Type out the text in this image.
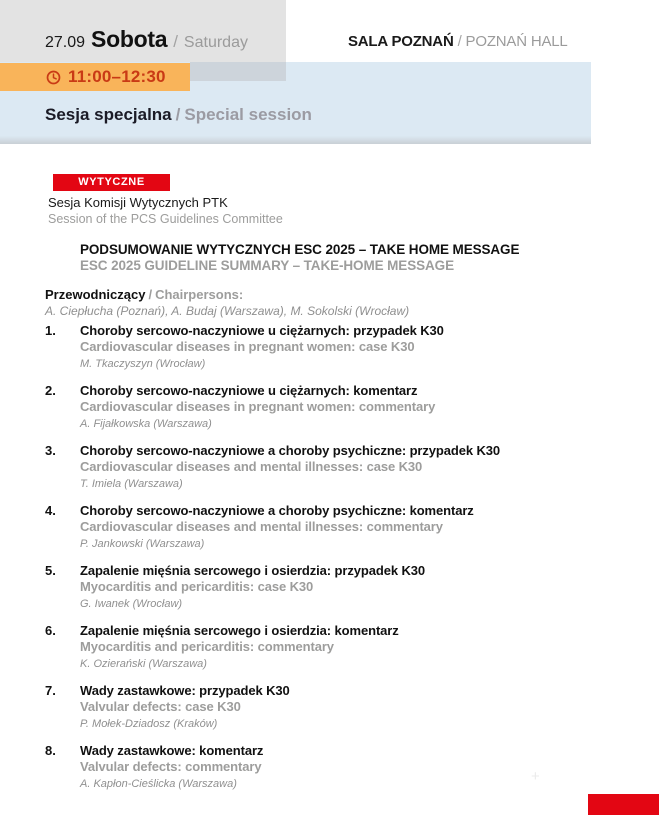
27.09 Sobota / Saturday	SALA POZNAŃ / POZNAŃ HALL
11:00–12:30
Sesja specjalna / Special session
WYTYCZNE
Sesja Komisji Wytycznych PTK
Session of the PCS Guidelines Committee
PODSUMOWANIE WYTYCZNYCH ESC 2025 – TAKE HOME MESSAGE
ESC 2025 GUIDELINE SUMMARY – TAKE-HOME MESSAGE
Przewodniczący / Chairpersons:
A. Ciepłucha (Poznań), A. Budaj (Warszawa), M. Sokolski (Wrocław)
1.	Choroby sercowo-naczyniowe u ciężarnych: przypadek K30
Cardiovascular diseases in pregnant women: case K30
M. Tkaczyszyn (Wrocław)
2.	Choroby sercowo-naczyniowe u ciężarnych: komentarz
Cardiovascular diseases in pregnant women: commentary
A. Fijałkowska (Warszawa)
3.	Choroby sercowo-naczyniowe a choroby psychiczne: przypadek K30
Cardiovascular diseases and mental illnesses: case K30
T. Imiela (Warszawa)
4.	Choroby sercowo-naczyniowe a choroby psychiczne: komentarz
Cardiovascular diseases and mental illnesses: commentary
P. Jankowski (Warszawa)
5.	Zapalenie mięśnia sercowego i osierdzia: przypadek K30
Myocarditis and pericarditis: case K30
G. Iwanek (Wrocław)
6.	Zapalenie mięśnia sercowego i osierdzia: komentarz
Myocarditis and pericarditis: commentary
K. Ozierański (Warszawa)
7.	Wady zastawkowe: przypadek K30
Valvular defects: case K30
P. Mołek-Dziadosz (Kraków)
8.	Wady zastawkowe: komentarz
Valvular defects: commentary
A. Kapłon-Cieślicka (Warszawa)	+
